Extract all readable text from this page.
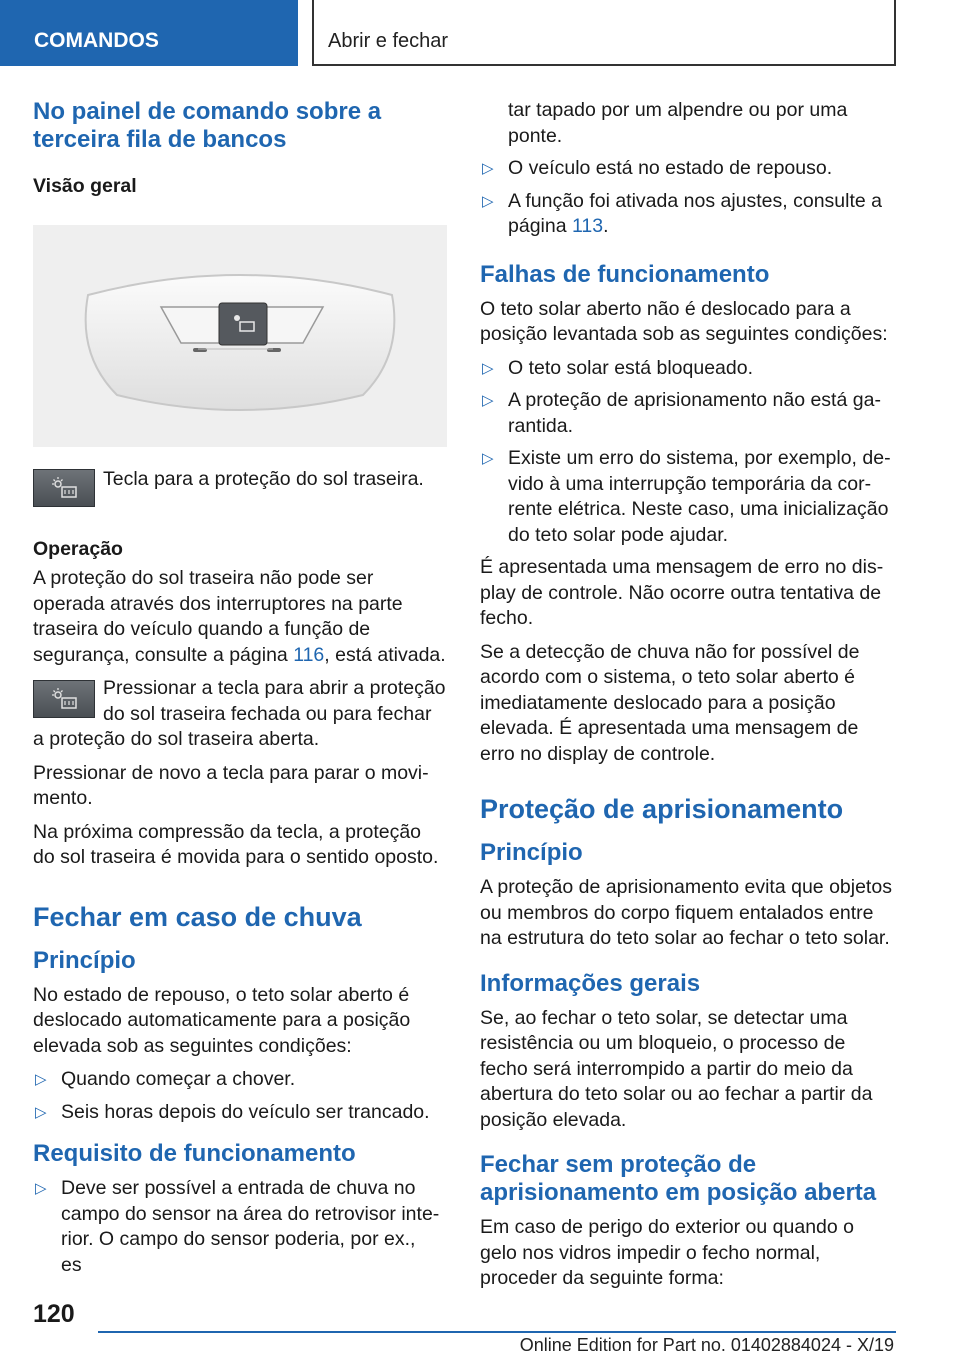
COMANDOS	Abrir e fechar
No painel de comando sobre a terceira fila de bancos
Visão geral

Tecla para a proteção do sol traseira.

Operação

A proteção do sol traseira não pode ser operada através dos interruptores na parte traseira do veículo quando a função de segurança, consulte a página 116, está ativada.

Pressionar a tecla para abrir a proteção do sol traseira fechada ou para fechar a proteção do sol traseira aberta.

Pressionar de novo a tecla para parar o movimento.

Na próxima compressão da tecla, a proteção do sol traseira é movida para o sentido oposto.

Fechar em caso de chuva
Princípio

No estado de repouso, o teto solar aberto é deslocado automaticamente para a posição elevada sob as seguintes condições:

▷ Quando começar a chover.
▷ Seis horas depois do veículo ser trancado.
Requisito de funcionamento
▷ Deve ser possível a entrada de chuva no campo do sensor na área do retrovisor interior. O campo do sensor poderia, por ex., es
tar tapado por um alpendre ou por uma ponte.
▷ O veículo está no estado de repouso.
▷ A função foi ativada nos ajustes, consulte a página 113.
Falhas de funcionamento

O teto solar aberto não é deslocado para a posição levantada sob as seguintes condições:

▷ O teto solar está bloqueado.
▷ A proteção de aprisionamento não está garantida.
▷ Existe um erro do sistema, por exemplo, devido à uma interrupção temporária da corrente elétrica. Neste caso, uma inicialização do teto solar pode ajudar.

É apresentada uma mensagem de erro no display de controle. Não ocorre outra tentativa de fecho.

Se a detecção de chuva não for possível de acordo com o sistema, o teto solar aberto é imediatamente deslocado para a posição elevada. É apresentada uma mensagem de erro no display de controle.

Proteção de aprisionamento
Princípio

A proteção de aprisionamento evita que objetos ou membros do corpo fiquem entalados entre na estrutura do teto solar ao fechar o teto solar.

Informações gerais

Se, ao fechar o teto solar, se detectar uma resistência ou um bloqueio, o processo de fecho será interrompido a partir do meio da abertura do teto solar ou ao fechar a partir da posição elevada.

Fechar sem proteção de aprisionamento em posição aberta

Em caso de perigo do exterior ou quando o gelo nos vidros impedir o fecho normal, proceder da seguinte forma:

120
Online Edition for Part no. 01402884024 - X/19
